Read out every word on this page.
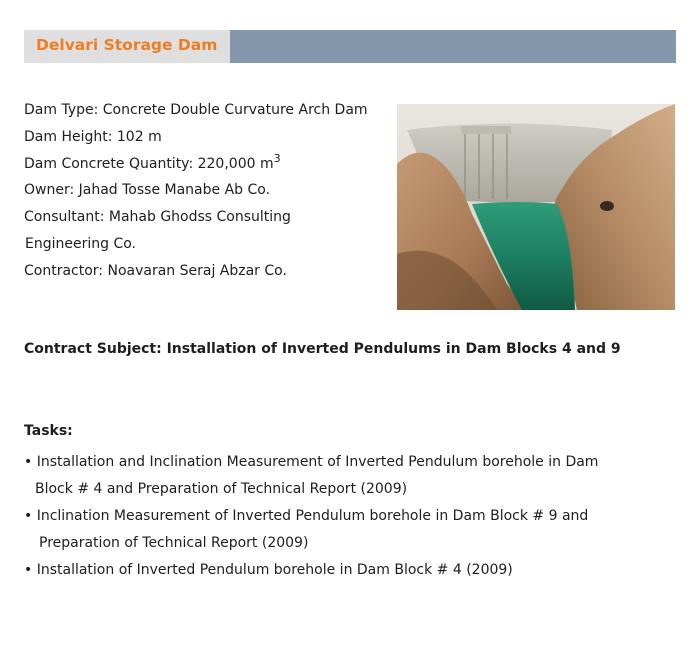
Delvari Storage Dam
Dam Type: Concrete Double Curvature Arch Dam
Dam Height: 102 m
Dam Concrete Quantity: 220,000 $m^3$
Owner: Jahad Tosse Manabe Ab Co.
Consultant: Mahab Ghodss Consulting
Engineering Co.
Contractor: Noavaran Seraj Abzar Co.
Contract Subject: Installation of Inverted Pendulums in Dam Blocks 4 and 9
Tasks:
• Installation and Inclination Measurement of Inverted Pendulum borehole in Dam
Block # 4 and Preparation of Technical Report (2009)
• Inclination Measurement of Inverted Pendulum borehole in Dam Block # 9 and
Preparation of Technical Report (2009)
• Installation of Inverted Pendulum borehole in Dam Block # 4 (2009)
